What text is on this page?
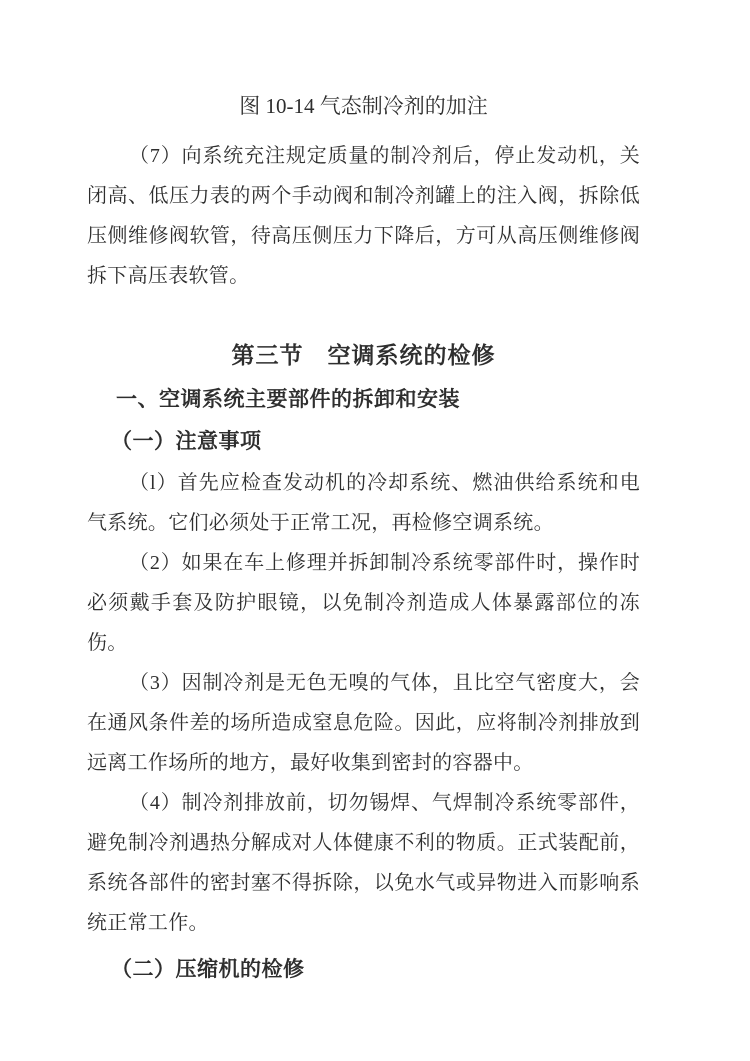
图 10-14 气态制冷剂的加注

（7）向系统充注规定质量的制冷剂后，停止发动机，关闭高、低压力表的两个手动阀和制冷剂罐上的注入阀，拆除低压侧维修阀软管，待高压侧压力下降后，方可从高压侧维修阀拆下高压表软管。

第三节　空调系统的检修
一、空调系统主要部件的拆卸和安装
（一）注意事项

（l）首先应检查发动机的冷却系统、燃油供给系统和电气系统。它们必须处于正常工况，再检修空调系统。

（2）如果在车上修理并拆卸制冷系统零部件时，操作时必须戴手套及防护眼镜，以免制冷剂造成人体暴露部位的冻伤。

（3）因制冷剂是无色无嗅的气体，且比空气密度大，会在通风条件差的场所造成窒息危险。因此，应将制冷剂排放到远离工作场所的地方，最好收集到密封的容器中。

（4）制冷剂排放前，切勿锡焊、气焊制冷系统零部件，避免制冷剂遇热分解成对人体健康不利的物质。正式装配前，系统各部件的密封塞不得拆除，以免水气或异物进入而影响系统正常工作。

（二）压缩机的检修
